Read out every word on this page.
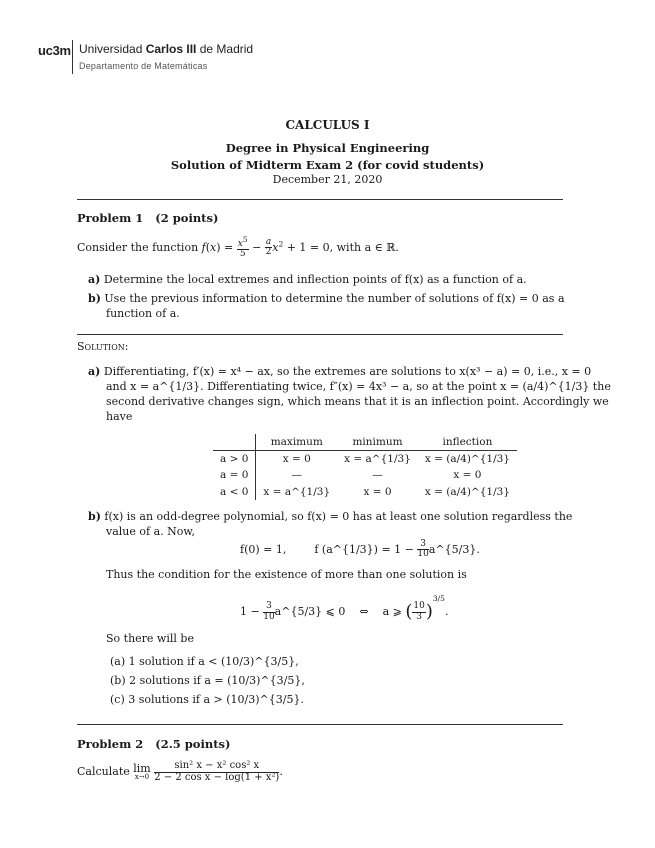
uc3m Universidad Carlos III de Madrid
Departamento de Matemáticas
CALCULUS I
Degree in Physical Engineering
Solution of Midterm Exam 2 (for covid students)
December 21, 2020
Problem 1 (2 points)
Consider the function $f(x) = \frac{x^5}{5} - \frac{a}{2} x^2 + 1 = 0$, with a ∈ ℝ.
a) Determine the local extremes and inflection points of f(x) as a function of a.
b) Use the previous information to determine the number of solutions of f(x) = 0 as a
function of a.
Solution:
a) Differentiating, f′(x) = x⁴ − ax, so the extremes are solutions to x(x³ − a) = 0, i.e., x = 0
and x = a^{1/3}. Differentiating twice, f″(x) = 4x³ − a, so at the point x = (a/4)^{1/3} the
second derivative changes sign, which means that it is an inflection point. Accordingly we
have
	maximum	minimum	inflection
a > 0	x = 0	x = a^{1/3}	x = (a/4)^{1/3}
a = 0	—	—	x = 0
a < 0	x = a^{1/3}	x = 0	x = (a/4)^{1/3}
b) f(x) is an odd-degree polynomial, so f(x) = 0 has at least one solution regardless the
value of a. Now,
f(0) = 1,	f (a^{1/3}) = $1 - \frac{3}{10}$ a^{5/3}.
Thus the condition for the existence of more than one solution is
$1 - \frac{3}{10}$ a^{5/3} ⩽ 0 ⇔ a ⩾ ( $\frac{10}{3} )^{3/5}$.
So there will be
(a) 1 solution if a < (10/3)^{3/5},
(b) 2 solutions if a = (10/3)^{3/5},
(c) 3 solutions if a > (10/3)^{3/5}.
Problem 2 (2.5 points)
Calculate lim
x→0
$\frac{\text{sin² x − x² cos² x}}{\text{2 − 2 cos x − log(1 + x²)}}$ .
